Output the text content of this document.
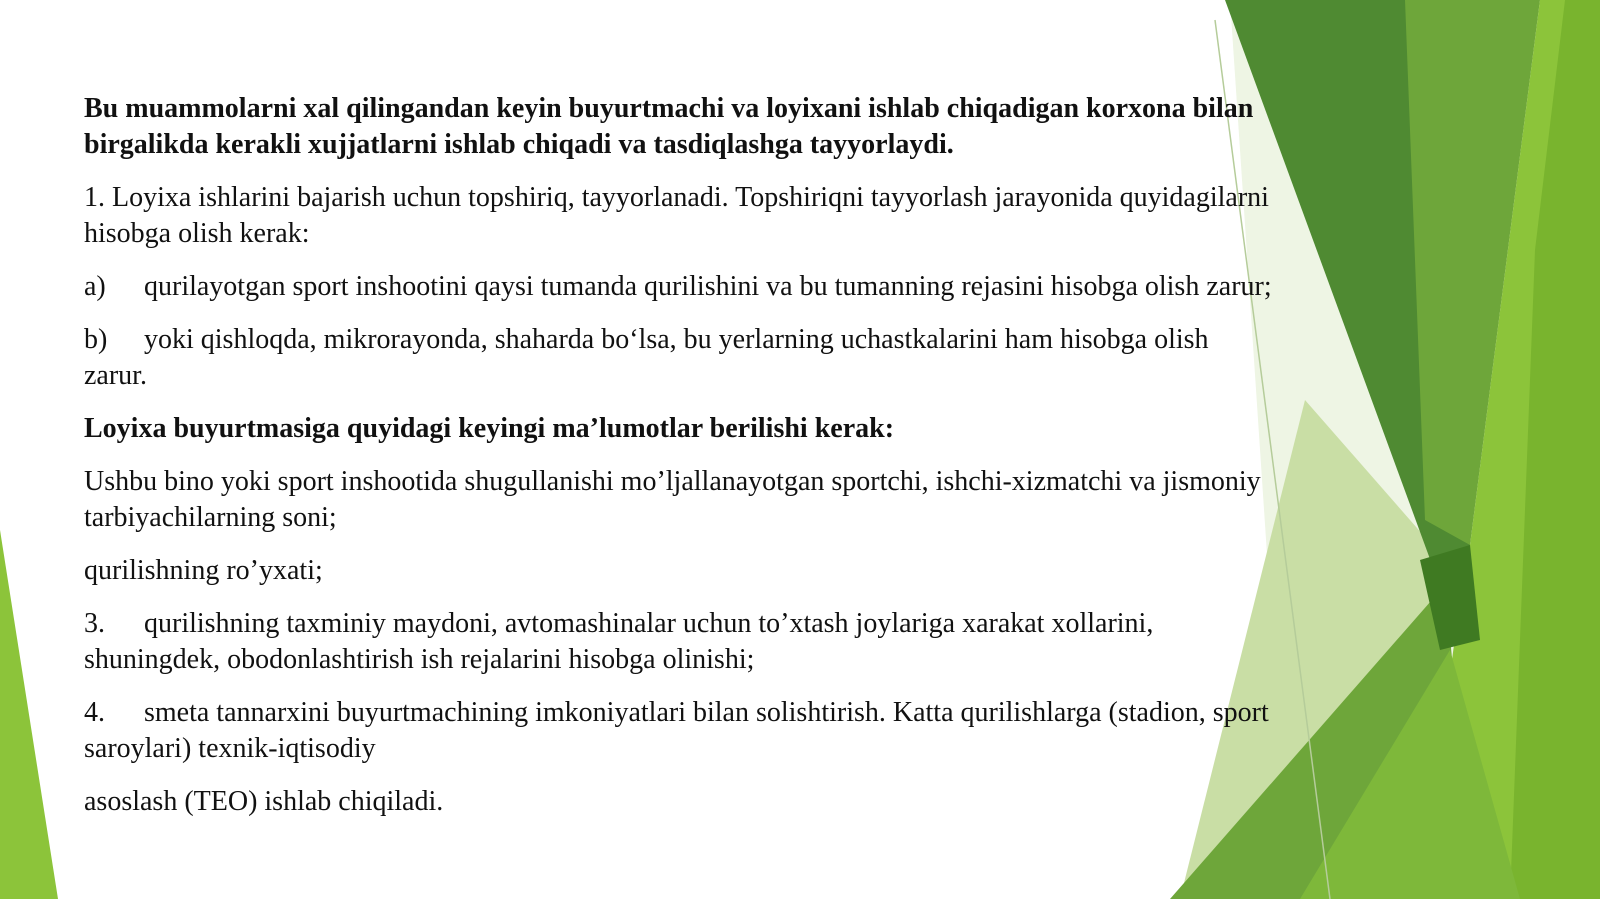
Bu muammolarni xal qilingandan keyin buyurtmachi va loyixani ishlab chiqadigan korxona bilan birgalikda kerakli xujjatlarni ishlab chiqadi va tasdiqlashga tayyorlaydi.

1. Loyixa ishlarini bajarish uchun topshiriq, tayyorlanadi. Topshiriqni tayyorlash jarayonida quyidagilarni hisobga olish kerak:

a) qurilayotgan sport inshootini qaysi tumanda qurilishini va bu tumanning rejasini hisobga olish zarur;

b) yoki qishloqda, mikrorayonda, shaharda bo‘lsa, bu yerlarning uchastkalarini ham hisobga olish zarur.

Loyixa buyurtmasiga quyidagi keyingi ma’lumotlar berilishi kerak:

Ushbu bino yoki sport inshootida shugullanishi mo’ljallanayotgan sportchi, ishchi-xizmatchi va jismoniy tarbiyachilarning soni;

qurilishning ro’yxati;

3. qurilishning taxminiy maydoni, avtomashinalar uchun to’xtash joylariga xarakat xollarini, shuningdek, obodonlashtirish ish rejalarini hisobga olinishi;

4. smeta tannarxini buyurtmachining imkoniyatlari bilan solishtirish. Katta qurilishlarga (stadion, sport saroylari) texnik-iqtisodiy

asoslash (TEO) ishlab chiqiladi.
